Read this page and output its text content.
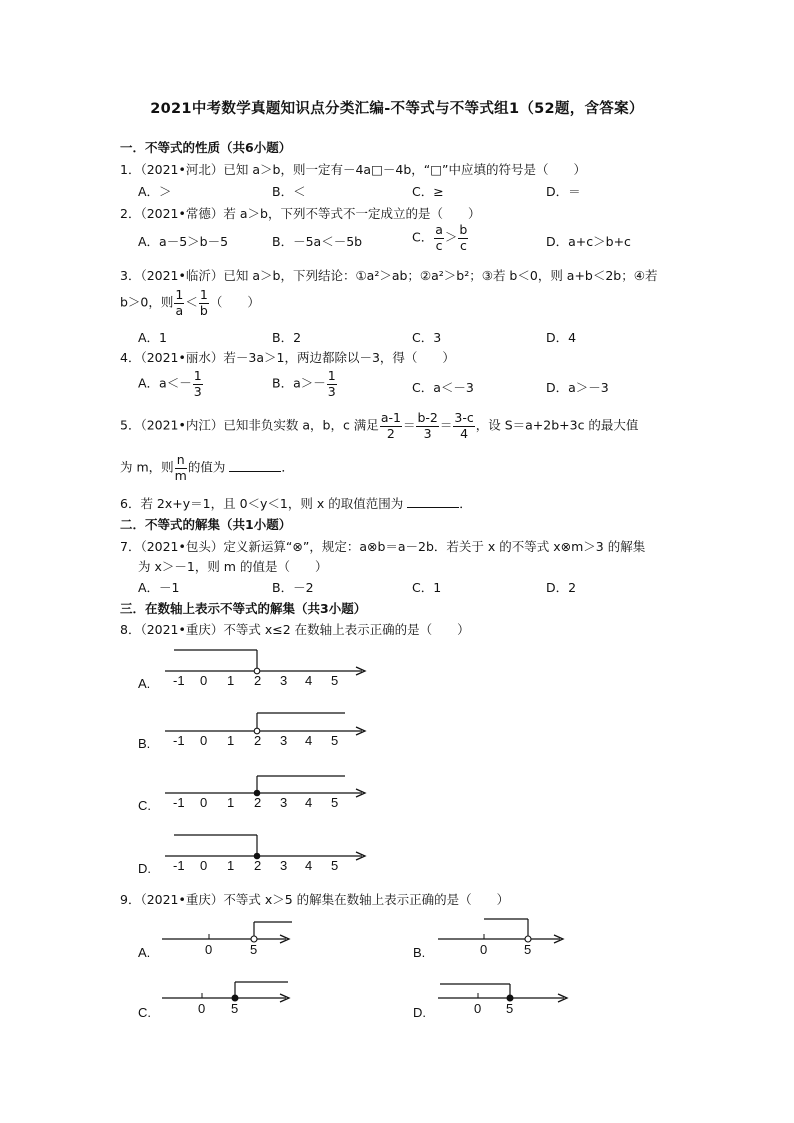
2021中考数学真题知识点分类汇编-不等式与不等式组1（52题，含答案）
一．不等式的性质（共6小题）
1．（2021•河北）已知 a＞b，则一定有－4a□－4b，“□”中应填的符号是（　　）
A．＞	B．＜	C．≥	D．＝
2．（2021•常德）若 a＞b，下列不等式不一定成立的是（　　）
A．a－5＞b－5	B．－5a＜－5b	C． $\frac{a}{c} > \frac{b}{c}$	D．a+c＞b+c
3．（2021•临沂）已知 a＞b，下列结论：①a²＞ab；②a²＞b²；③若 b＜0，则 a+b＜2b；④若
b＞0，则 $\frac{1}{a} < \frac{1}{b}$ （　　）
A．1	B．2	C．3	D．4
4．（2021•丽水）若－3a＞1，两边都除以－3，得（　　）
A．$a<- \frac{1}{3}$	B．$a>- \frac{1}{3}$	C．a＜－3	D．a＞－3
5．（2021•内江）已知非负实数 a，b，c 满足 $\frac{a-1}{2} = \frac{b-2}{3} = \frac{3-c}{4}$ ，设 S＝a+2b+3c 的最大值
为 m，则 $\frac{n}{m}$ 的值为	．
6．若 2x+y＝1，且 0＜y＜1，则 x 的取值范围为	．
二．不等式的解集（共1小题）
7．（2021•包头）定义新运算“⊗”，规定：a⊗b＝a－2b．若关于 x 的不等式 x⊗m＞3 的解集
为 x＞－1，则 m 的值是（　　）
A．－1	B．－2	C．1	D．2
三．在数轴上表示不等式的解集（共3小题）
8．（2021•重庆）不等式 x≤2 在数轴上表示正确的是（　　）
A. -1 0 1 2 3 4 5
B. -1 0 1 2 3 4 5
C. -1 0 1 2 3 4 5
D. -1 0 1 2 3 4 5
A.	0	5	B.	0	5
C.	0 5	D.	0 5
9．（2021•重庆）不等式 x＞5 的解集在数轴上表示正确的是（　　）
